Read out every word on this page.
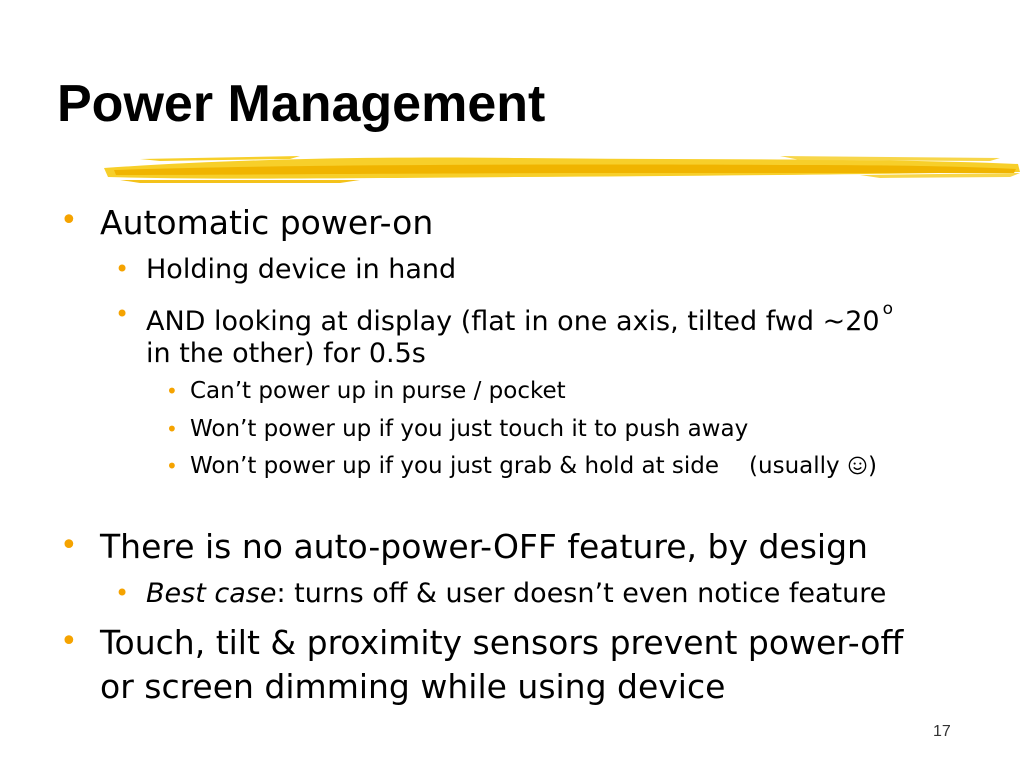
Power Management
• Automatic power-on
• Holding device in hand
• AND looking at display (flat in one axis, tilted fwd ~20 $^o$
in the other) for 0.5s
• Can’t power up in purse / pocket
• Won’t power up if you just touch it to push away
• Won’t power up if you just grab & hold at side (usually )
• There is no auto-power-OFF feature, by design
• Best case: turns off & user doesn’t even notice feature
• Touch, tilt & proximity sensors prevent power-off
or screen dimming while using device
17
